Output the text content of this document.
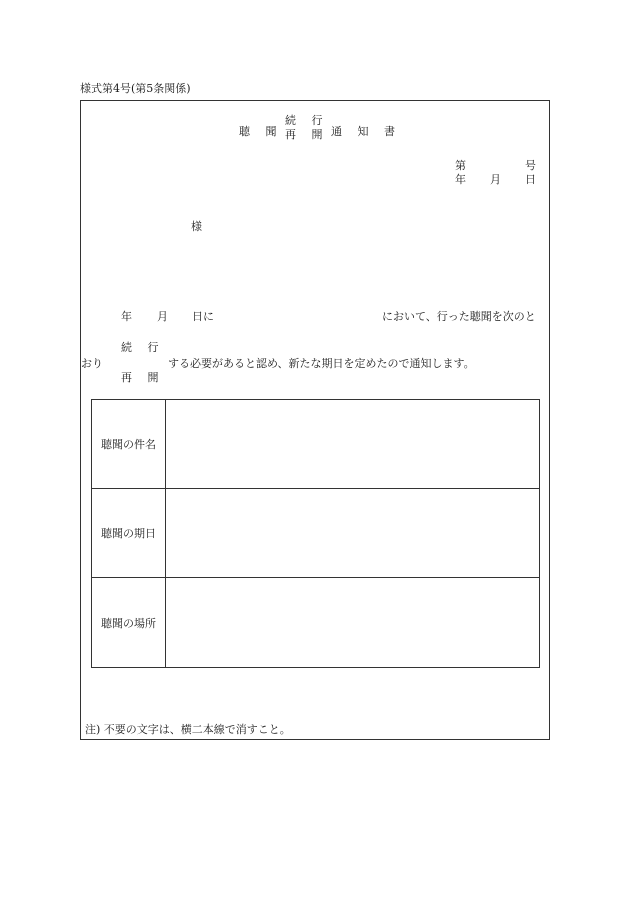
様式第4号(第5条関係)
聴 聞
続 行
再 開 通 知 書
第	号
年 月 日
様
年 月 日に	において、行った聴聞を次のと
おり
続 行
再 開
する必要があると認め、新たな期日を定めたので通知します。
聴聞の件名
聴聞の期日
聴聞の場所
注) 不要の文字は、横二本線で消すこと。
